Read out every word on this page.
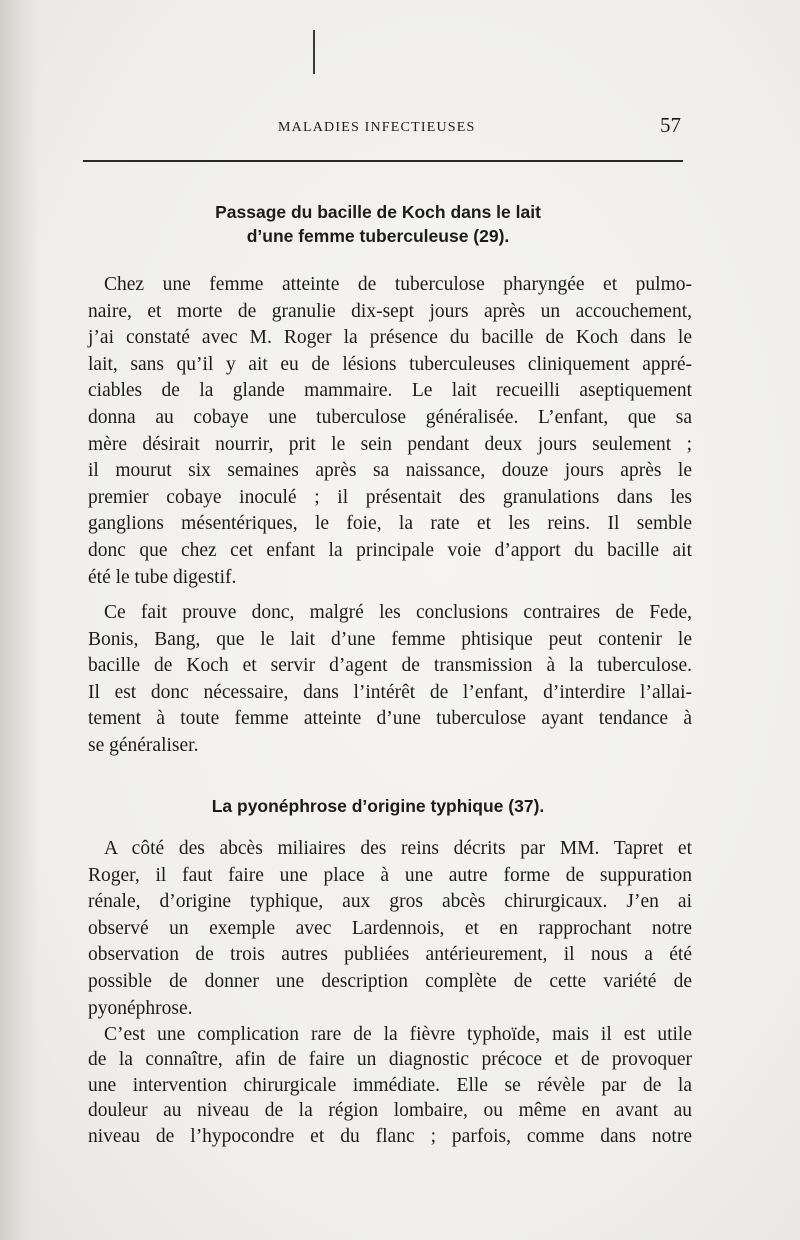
MALADIES INFECTIEUSES	57
Passage du bacille de Koch dans le lait
d’une femme tuberculeuse (29).
Chez une femme atteinte de tuberculose pharyngée et pulmo-
naire, et morte de granulie dix-sept jours après un accouchement,
j’ai constaté avec M. Roger la présence du bacille de Koch dans le
lait, sans qu’il y ait eu de lésions tuberculeuses cliniquement appré-
ciables de la glande mammaire. Le lait recueilli aseptiquement
donna au cobaye une tuberculose généralisée. L’enfant, que sa
mère désirait nourrir, prit le sein pendant deux jours seulement ;
il mourut six semaines après sa naissance, douze jours après le
premier cobaye inoculé ; il présentait des granulations dans les
ganglions mésentériques, le foie, la rate et les reins. Il semble
donc que chez cet enfant la principale voie d’apport du bacille ait
été le tube digestif.
Ce fait prouve donc, malgré les conclusions contraires de Fede,
Bonis, Bang, que le lait d’une femme phtisique peut contenir le
bacille de Koch et servir d’agent de transmission à la tuberculose.
Il est donc nécessaire, dans l’intérêt de l’enfant, d’interdire l’allai-
tement à toute femme atteinte d’une tuberculose ayant tendance à
se généraliser.
La pyonéphrose d’origine typhique (37).
A côté des abcès miliaires des reins décrits par MM. Tapret et
Roger, il faut faire une place à une autre forme de suppuration
rénale, d’origine typhique, aux gros abcès chirurgicaux. J’en ai
observé un exemple avec Lardennois, et en rapprochant notre
observation de trois autres publiées antérieurement, il nous a été
possible de donner une description complète de cette variété de
pyonéphrose.
C’est une complication rare de la fièvre typhoïde, mais il est utile
de la connaître, afin de faire un diagnostic précoce et de provoquer
une intervention chirurgicale immédiate. Elle se révèle par de la
douleur au niveau de la région lombaire, ou même en avant au
niveau de l’hypocondre et du flanc ; parfois, comme dans notre
